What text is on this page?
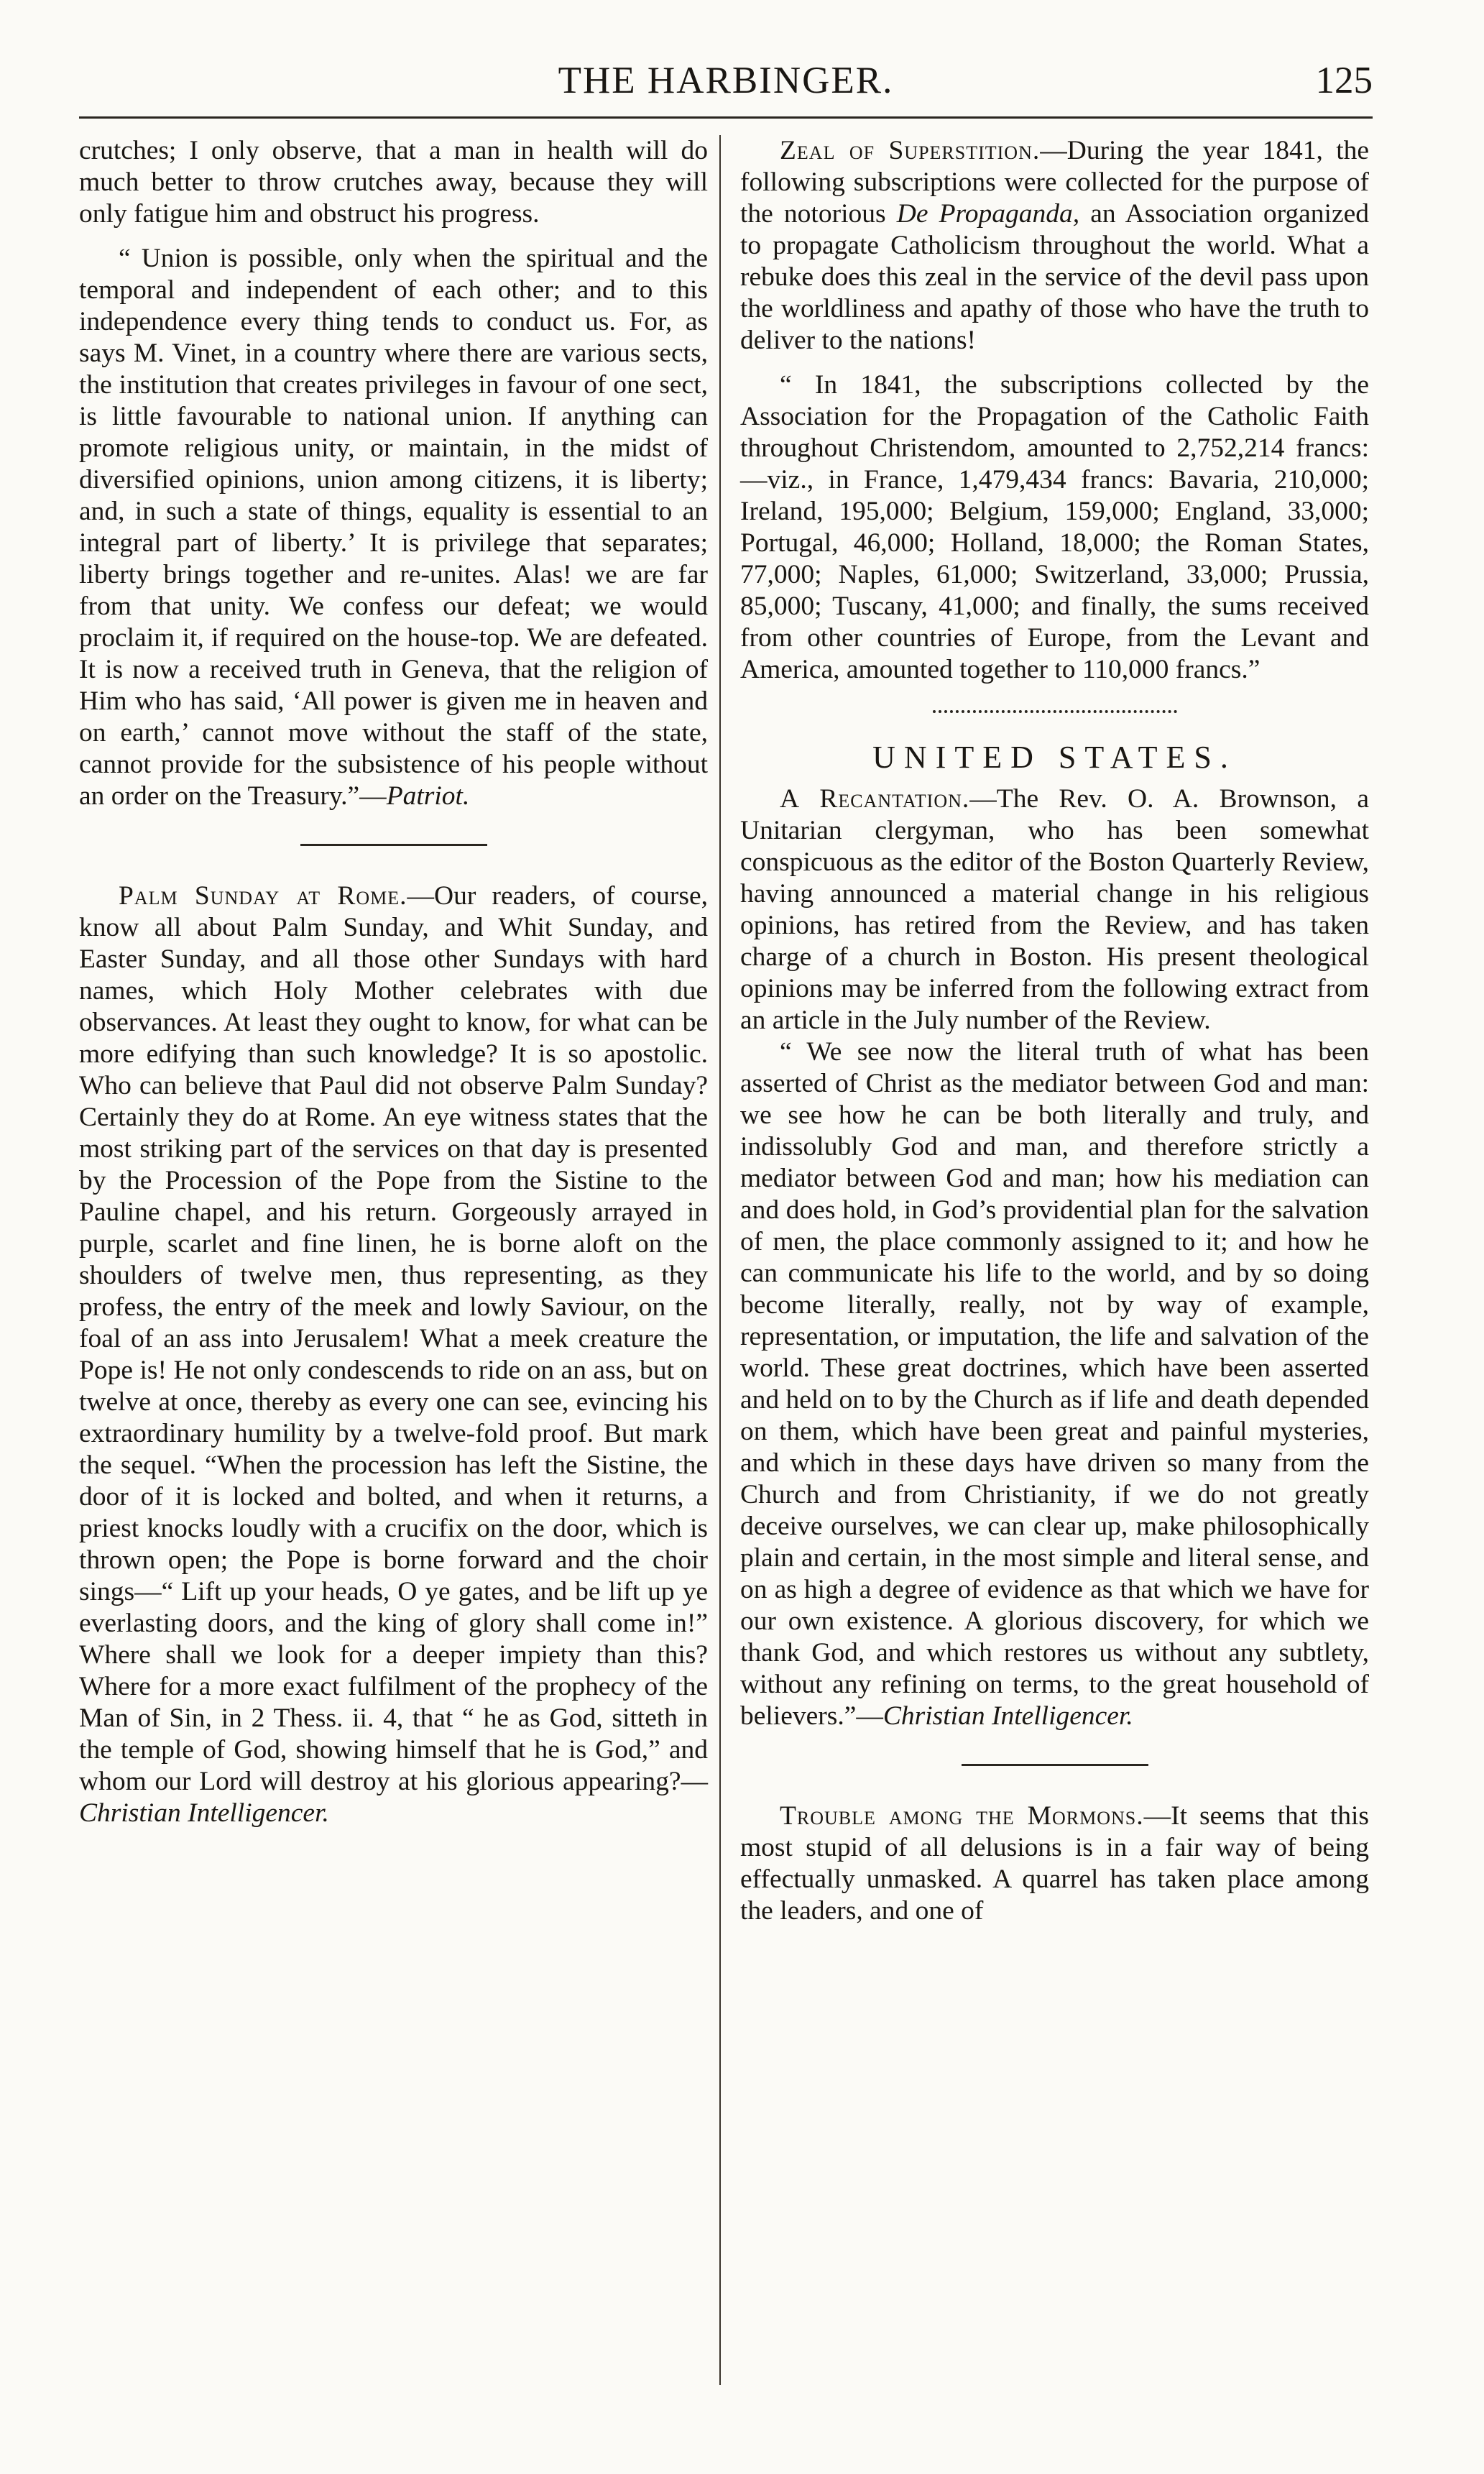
THE HARBINGER.	125

crutches; I only observe, that a man in health will do much better to throw crutches away, because they will only fatigue him and obstruct his progress.

“ Union is possible, only when the spiritual and the temporal and independent of each other; and to this independence every thing tends to conduct us. For, as says M. Vinet, in a country where there are various sects, the institution that creates privileges in favour of one sect, is little favourable to national union. If anything can promote religious unity, or maintain, in the midst of diversified opinions, union among citizens, it is liberty; and, in such a state of things, equality is essential to an integral part of liberty.’ It is privilege that separates; liberty brings together and re-unites. Alas! we are far from that unity. We confess our defeat; we would proclaim it, if required on the house-top. We are defeated. It is now a received truth in Geneva, that the religion of Him who has said, ‘All power is given me in heaven and on earth,’ cannot move without the staff of the state, cannot provide for the subsistence of his people without an order on the Treasury.”—Patriot.

Palm Sunday at Rome.—Our readers, of course, know all about Palm Sunday, and Whit Sunday, and Easter Sunday, and all those other Sundays with hard names, which Holy Mother celebrates with due observances. At least they ought to know, for what can be more edifying than such knowledge? It is so apostolic. Who can believe that Paul did not observe Palm Sunday? Certainly they do at Rome. An eye witness states that the most striking part of the services on that day is presented by the Procession of the Pope from the Sistine to the Pauline chapel, and his return. Gorgeously arrayed in purple, scarlet and fine linen, he is borne aloft on the shoulders of twelve men, thus representing, as they profess, the entry of the meek and lowly Saviour, on the foal of an ass into Jerusalem! What a meek creature the Pope is! He not only condescends to ride on an ass, but on twelve at once, thereby as every one can see, evincing his extraordinary humility by a twelve-fold proof. But mark the sequel. “When the procession has left the Sistine, the door of it is locked and bolted, and when it returns, a priest knocks loudly with a crucifix on the door, which is thrown open; the Pope is borne forward and the choir sings—“ Lift up your heads, O ye gates, and be lift up ye everlasting doors, and the king of glory shall come in!” Where shall we look for a deeper impiety than this? Where for a more exact fulfilment of the prophecy of the Man of Sin, in 2 Thess. ii. 4, that “ he as God, sitteth in the temple of God, showing himself that he is God,” and whom our Lord will destroy at his glorious appearing?—Christian Intelligencer.

Zeal of Superstition.—During the year 1841, the following subscriptions were collected for the purpose of the notorious De Propaganda, an Association organized to propagate Catholicism throughout the world. What a rebuke does this zeal in the service of the devil pass upon the worldliness and apathy of those who have the truth to deliver to the nations!

“ In 1841, the subscriptions collected by the Association for the Propagation of the Catholic Faith throughout Christendom, amounted to 2,752,214 francs:—viz., in France, 1,479,434 francs: Bavaria, 210,000; Ireland, 195,000; Belgium, 159,000; England, 33,000; Portugal, 46,000; Holland, 18,000; the Roman States, 77,000; Naples, 61,000; Switzerland, 33,000; Prussia, 85,000; Tuscany, 41,000; and finally, the sums received from other countries of Europe, from the Levant and America, amounted together to 110,000 francs.”

UNITED STATES.

A Recantation.—The Rev. O. A. Brownson, a Unitarian clergyman, who has been somewhat conspicuous as the editor of the Boston Quarterly Review, having announced a material change in his religious opinions, has retired from the Review, and has taken charge of a church in Boston. His present theological opinions may be inferred from the following extract from an article in the July number of the Review.

“ We see now the literal truth of what has been asserted of Christ as the mediator between God and man: we see how he can be both literally and truly, and indissolubly God and man, and therefore strictly a mediator between God and man; how his mediation can and does hold, in God’s providential plan for the salvation of men, the place commonly assigned to it; and how he can communicate his life to the world, and by so doing become literally, really, not by way of example, representation, or imputation, the life and salvation of the world. These great doctrines, which have been asserted and held on to by the Church as if life and death depended on them, which have been great and painful mysteries, and which in these days have driven so many from the Church and from Christianity, if we do not greatly deceive ourselves, we can clear up, make philosophically plain and certain, in the most simple and literal sense, and on as high a degree of evidence as that which we have for our own existence. A glorious discovery, for which we thank God, and which restores us without any subtlety, without any refining on terms, to the great household of believers.”—Christian Intelligencer.

Trouble among the Mormons.—It seems that this most stupid of all delusions is in a fair way of being effectually unmasked. A quarrel has taken place among the leaders, and one of
